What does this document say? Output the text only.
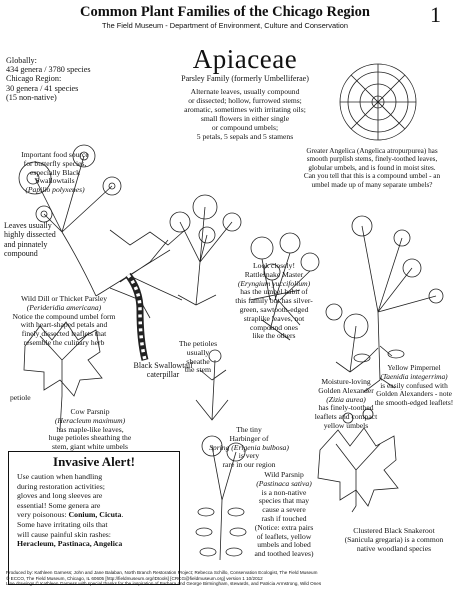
Common Plant Families of the Chicago Region
The Field Museum - Department of Environment, Culture and Conservation	1
Apiaceae
Parsley Family (formerly Umbelliferae)
Alternate leaves, usually compound
or dissected; hollow, furrowed stems;
aromatic, sometimes with irritating oils;
small flowers in either single
or compound umbels;
5 petals, 5 sepals and 5 stamens
Globally:
434 genera / 3780 species
Chicago Region:
30 genera / 41 species
(15 non-native)
Important food source
for butterfly species,
especially Black
Swallowtails
(Papilio polyxenes)
Leaves usually
highly dissected
and pinnately
compound
Wild Dill or Thicket Parsley
(Perideridia americana)
Notice the compound umbel form
with heart-shaped petals and
finely dissected leaflets that
resemble the culinary herb
Black Swallowtail
caterpillar
Greater Angelica (Angelica atropurpurea) has
smooth purplish stems, finely-toothed leaves,
globular umbels, and is found in moist sites.
Can you tell that this is a compound umbel - an
umbel made up of many separate umbels?
Look closely!
Rattlesnake Master
(Eryngium yuccifolium)
has the umbel habit of
this family but has silver-
green, sawtooth-edged
straplike leaves, not
compound ones
like the others
The petioles
usually
sheathe
the stem
petiole
Cow Parsnip
(Heracleum maximum)
has maple-like leaves,
huge petioles sheathing the
stem, giant white umbels
Moisture-loving
Golden Alexander
(Zizia aurea)
has finely-toothed
leaflets and compact
yellow umbels
Yellow Pimpernel
(Taenidia integerrima)
is easily confused with
Golden Alexanders - note
the smooth-edged leaflets!
The tiny
Harbinger of
Spring (Erigenia bulbosa)
is very
rare in our region
Wild Parsnip
(Pastinaca sativa)
is a non-native
species that may
cause a severe
rash if touched
(Notice: extra pairs
of leaflets, yellow
umbels and lobed
and toothed leaves)
Clustered Black Snakeroot
(Sanicula gregaria) is a common
native woodland species
Invasive Alert!
Use caution when handling
during restoration activities;
gloves and long sleeves are
essential! Some genera are
very poisonous: Conium, Cicuta.
Some have irritating oils that
will cause painful skin rashes:
Heracleum, Pastinaca, Angelica
Produced by: Kathleen Garness; John and Jane Balaban, North Branch Restoration Project; Rebecca Schillo, Conservation Ecologist, The Field Museum
© ECCO, The Field Museum, Chicago, IL 60605 [http://fieldmuseum.org/IDtools] [CRCG@fieldmuseum.org] version 1 10/2012
Line drawings © Kathleen Garness with special thanks for the inspiration of Barbara and George Birmingham, stewards, and Patricia Armstrong, Wild Ones
